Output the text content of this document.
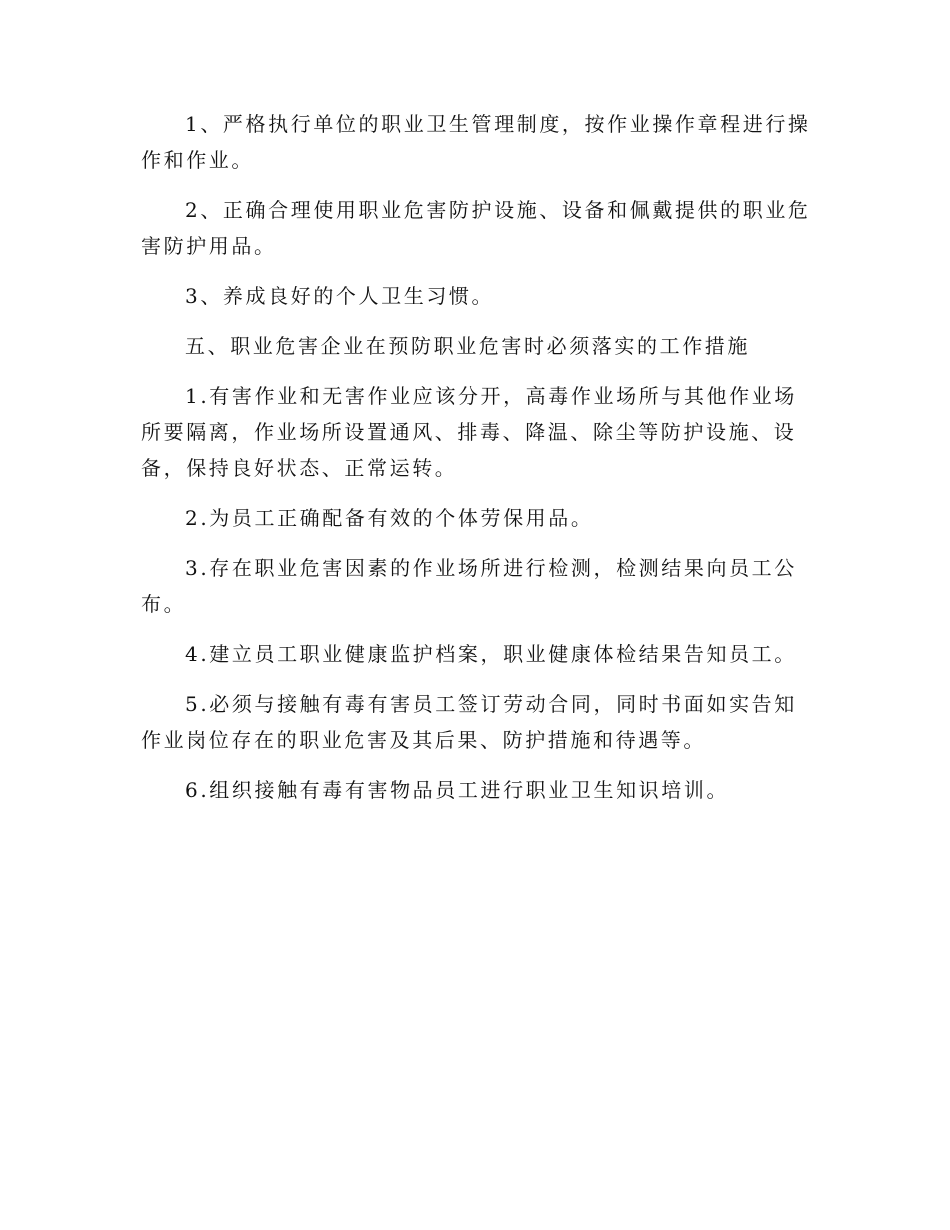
1、严格执行单位的职业卫生管理制度，按作业操作章程进行操作和作业。

2、正确合理使用职业危害防护设施、设备和佩戴提供的职业危害防护用品。

3、养成良好的个人卫生习惯。

五、职业危害企业在预防职业危害时必须落实的工作措施

1.有害作业和无害作业应该分开，高毒作业场所与其他作业场所要隔离，作业场所设置通风、排毒、降温、除尘等防护设施、设备，保持良好状态、正常运转。

2.为员工正确配备有效的个体劳保用品。

3.存在职业危害因素的作业场所进行检测，检测结果向员工公布。

4.建立员工职业健康监护档案，职业健康体检结果告知员工。

5.必须与接触有毒有害员工签订劳动合同，同时书面如实告知作业岗位存在的职业危害及其后果、防护措施和待遇等。

6.组织接触有毒有害物品员工进行职业卫生知识培训。
